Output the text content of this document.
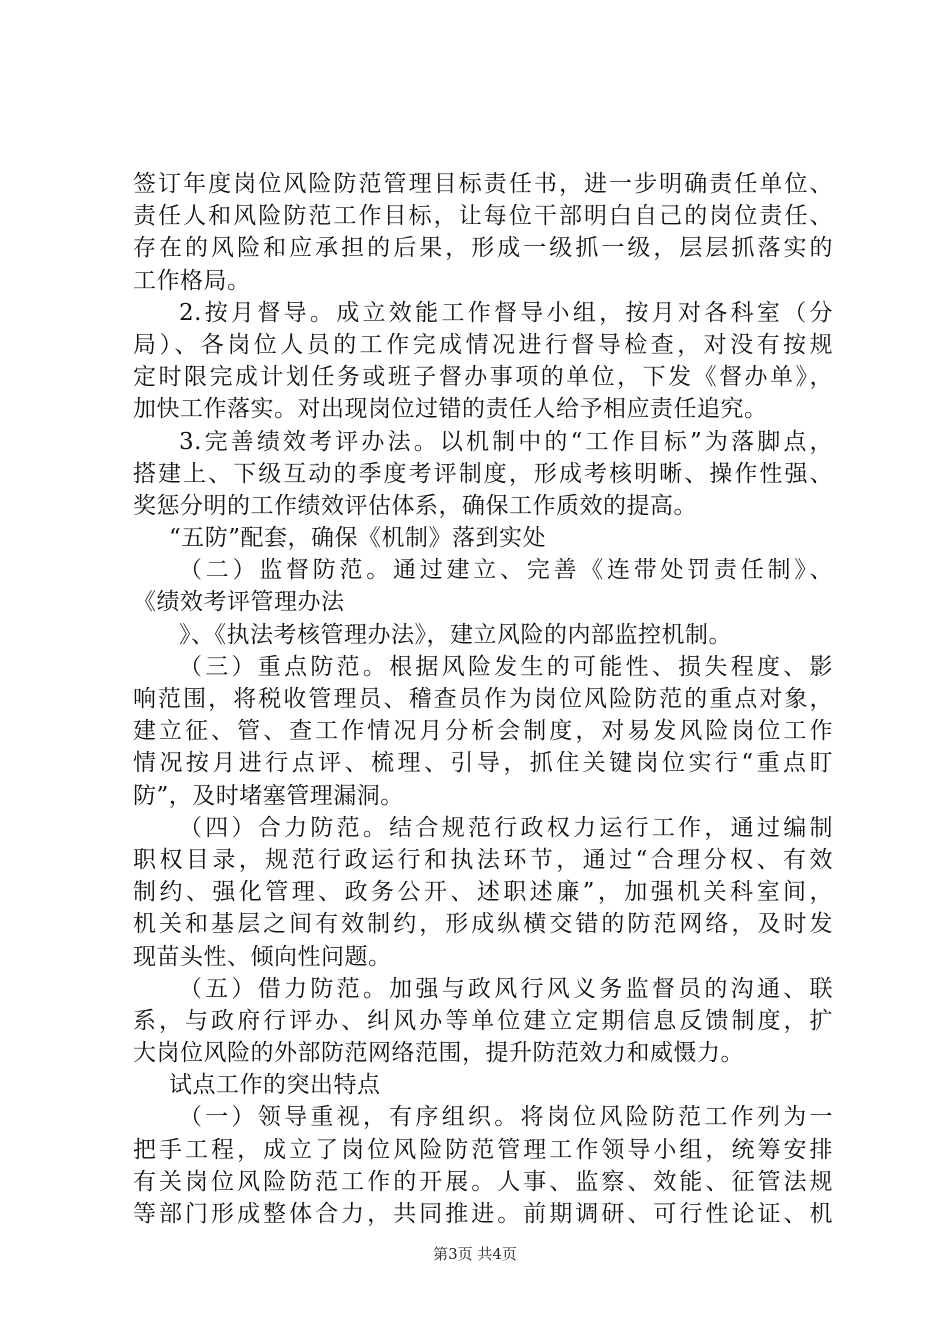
签订年度岗位风险防范管理目标责任书，进一步明确责任单位、
责任人和风险防范工作目标，让每位干部明白自己的岗位责任、
存在的风险和应承担的后果，形成一级抓一级，层层抓落实的
工作格局。
2.按月督导。成立效能工作督导小组，按月对各科室（分
局）、各岗位人员的工作完成情况进行督导检查，对没有按规
定时限完成计划任务或班子督办事项的单位，下发《督办单》，
加快工作落实。对出现岗位过错的责任人给予相应责任追究。
3.完善绩效考评办法。以机制中的“工作目标”为落脚点，
搭建上、下级互动的季度考评制度，形成考核明晰、操作性强、
奖惩分明的工作绩效评估体系，确保工作质效的提高。
“五防”配套，确保《机制》落到实处
（二）监督防范。通过建立、完善《连带处罚责任制》、
《绩效考评管理办法
》、《执法考核管理办法》，建立风险的内部监控机制。
（三）重点防范。根据风险发生的可能性、损失程度、影
响范围，将税收管理员、稽查员作为岗位风险防范的重点对象，
建立征、管、查工作情况月分析会制度，对易发风险岗位工作
情况按月进行点评、梳理、引导，抓住关键岗位实行“重点盯
防”，及时堵塞管理漏洞。
（四）合力防范。结合规范行政权力运行工作，通过编制
职权目录，规范行政运行和执法环节，通过“合理分权、有效
制约、强化管理、政务公开、述职述廉”，加强机关科室间，
机关和基层之间有效制约，形成纵横交错的防范网络，及时发
现苗头性、倾向性问题。
（五）借力防范。加强与政风行风义务监督员的沟通、联
系，与政府行评办、纠风办等单位建立定期信息反馈制度，扩
大岗位风险的外部防范网络范围，提升防范效力和威慑力。
试点工作的突出特点
（一）领导重视，有序组织。将岗位风险防范工作列为一
把手工程，成立了岗位风险防范管理工作领导小组，统筹安排
有关岗位风险防范工作的开展。人事、监察、效能、征管法规
等部门形成整体合力，共同推进。前期调研、可行性论证、机
第3页 共4页
